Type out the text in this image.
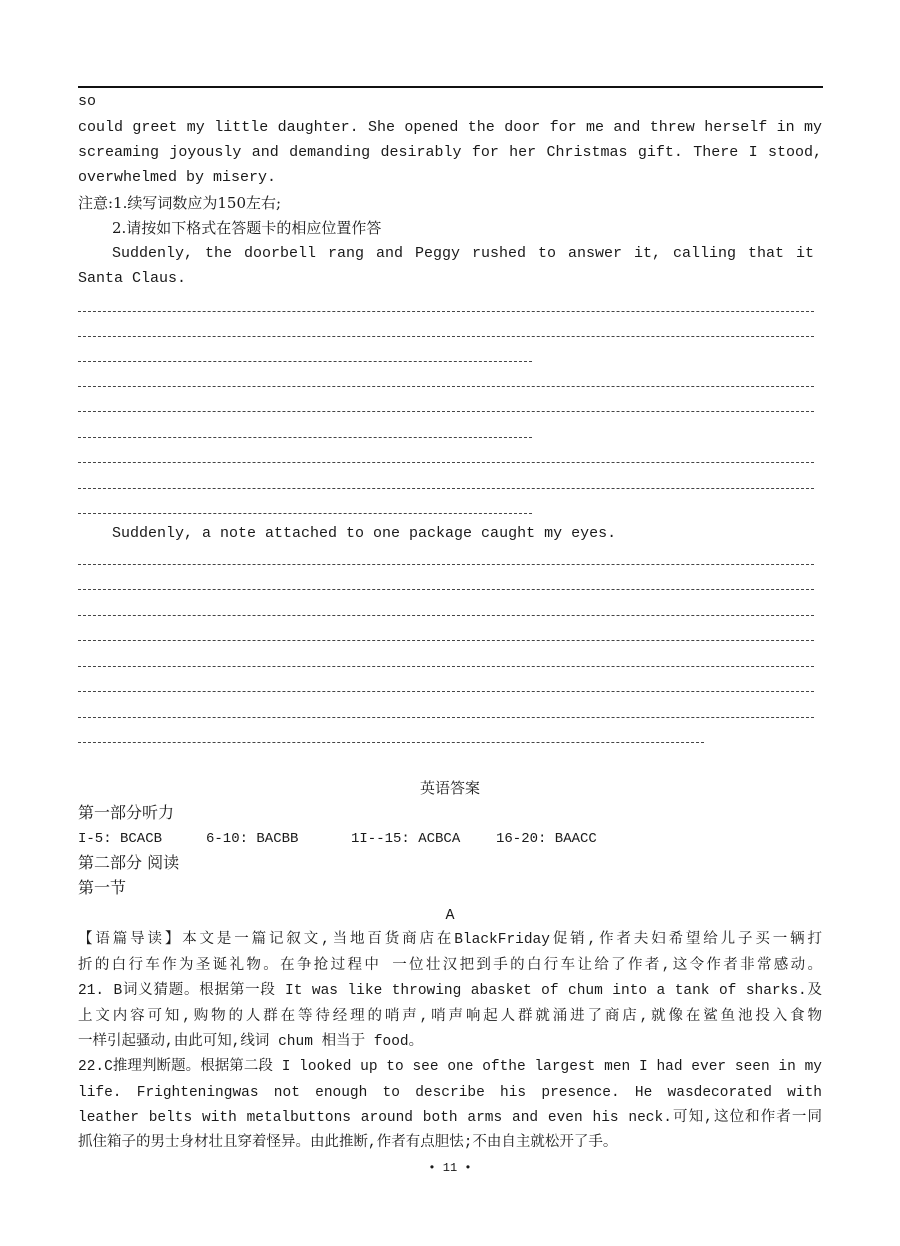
so
could greet my little daughter. She opened the door for me and threw herself in my
screaming joyously and demanding desirably for her Christmas gift. There I stood,
overwhelmed by misery.
注意:1.续写词数应为150左右;
2.请按如下格式在答题卡的相应位置作答
Suddenly, the doorbell rang and Peggy rushed to answer it, calling that it
Santa Claus.
Suddenly, a note attached to one package caught my eyes.
英语答案
第一部分听力
I-5: BCACB	6-10: BACBB	1I--15: ACBCA	16-20: BAACC
第二部分 阅读
第一节
A
【语篇导读】本文是一篇记叙文,当地百货商店在BlackFriday促销,作者夫妇希望给儿子买一辆打
折的白行车作为圣诞礼物。在争抢过程中 一位壮汉把到手的白行车让给了作者,这令作者非常感动。
21. B词义猜题。根据第一段 It was like throwing abasket of chum into a tank of sharks.及
上文内容可知,购物的人群在等待经理的哨声,哨声响起人群就涌进了商店,就像在鲨鱼池投入食物
一样引起骚动,由此可知,线词 chum 相当于 food。
22.C推理判断题。根据第二段 I looked up to see one ofthe largest men I had ever seen in my
life. Frighteningwas not enough to describe his presence. He wasdecorated with
leather belts with metalbuttons around both arms and even his neck.可知,这位和作者一同
抓住箱子的男士身材壮且穿着怪异。由此推断,作者有点胆怯;不由自主就松开了手。
• 11 •
